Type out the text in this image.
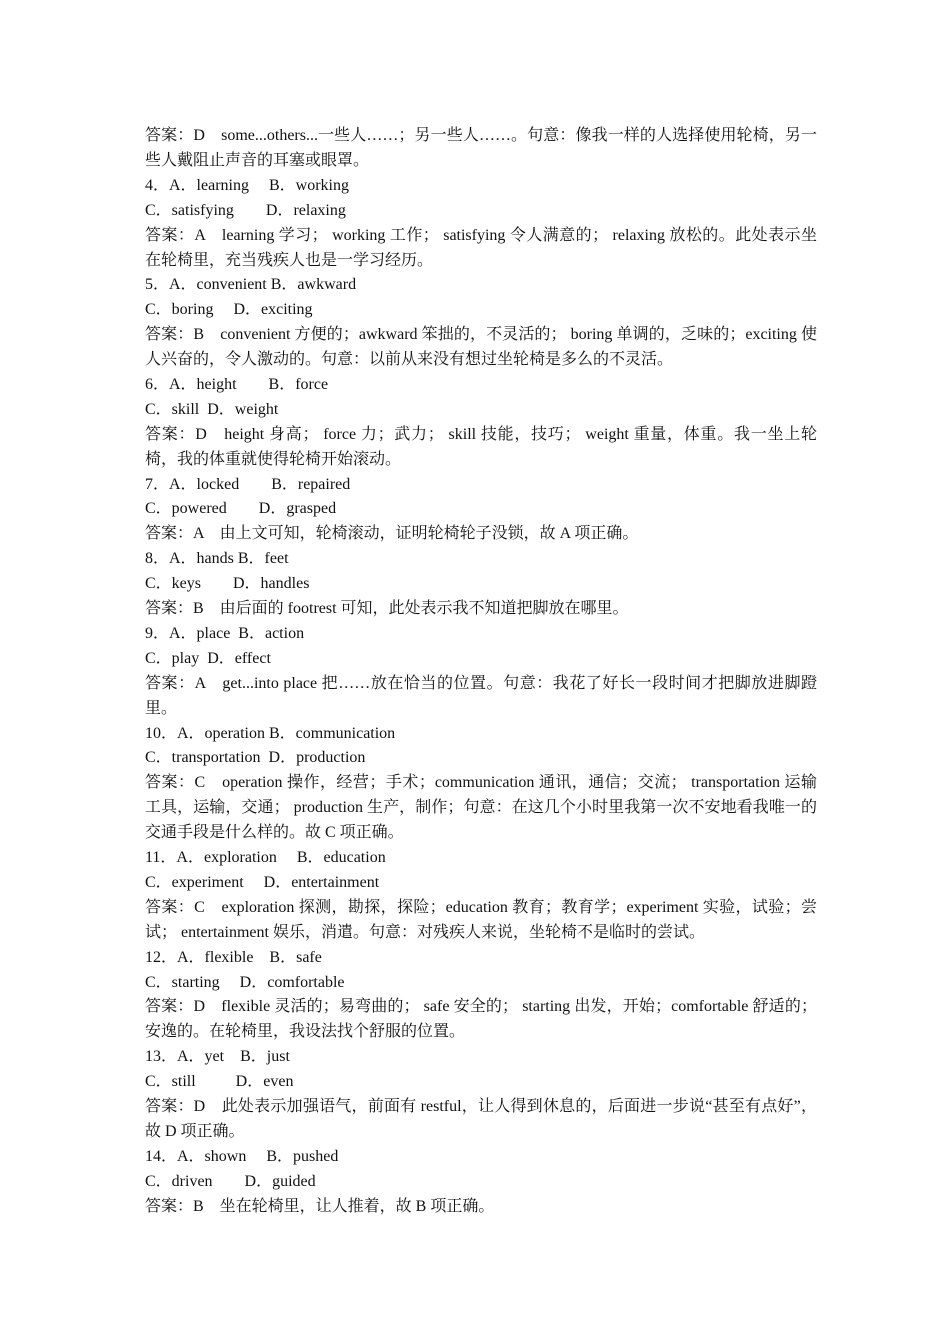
答案：D　some...others...一些人……；另一些人……。句意：像我一样的人选择使用轮椅，另一些人戴阻止声音的耳塞或眼罩。
4．A．learning　 B．working
C．satisfying　　D．relaxing
答案：A　learning 学习； working 工作； satisfying 令人满意的； relaxing 放松的。此处表示坐在轮椅里，充当残疾人也是一学习经历。
5．A．convenient B．awkward
C．boring　 D．exciting
答案：B　convenient 方便的；awkward 笨拙的，不灵活的； boring 单调的，乏味的；exciting 使人兴奋的，令人激动的。句意：以前从来没有想过坐轮椅是多么的不灵活。
6．A．height　　B．force
C．skill  D．weight
答案：D　height 身高； force 力；武力； skill 技能，技巧； weight 重量，体重。我一坐上轮椅，我的体重就使得轮椅开始滚动。
7．A．locked　　B．repaired
C．powered　　D．grasped
答案：A　由上文可知，轮椅滚动，证明轮椅轮子没锁，故 A 项正确。
8．A．hands B．feet
C．keys　　D．handles
答案：B　由后面的 footrest 可知，此处表示我不知道把脚放在哪里。
9．A．place  B．action
C．play  D．effect
答案：A　get...into place 把……放在恰当的位置。句意：我花了好长一段时间才把脚放进脚蹬里。
10．A．operation B．communication
C．transportation  D．production
答案：C　operation 操作，经营；手术；communication 通讯，通信；交流； transportation 运输工具，运输，交通； production 生产，制作；句意：在这几个小时里我第一次不安地看我唯一的交通手段是什么样的。故 C 项正确。
11．A．exploration　 B．education
C．experiment　 D．entertainment
答案：C　exploration 探测，勘探，探险；education 教育；教育学；experiment 实验，试验；尝试； entertainment 娱乐，消遣。句意：对残疾人来说，坐轮椅不是临时的尝试。
12．A．flexible　B．safe
C．starting　 D．comfortable
答案：D　flexible 灵活的；易弯曲的； safe 安全的； starting 出发，开始；comfortable 舒适的；安逸的。在轮椅里，我设法找个舒服的位置。
13．A．yet　B．just
C．still　　  D．even
答案：D　此处表示加强语气，前面有 restful，让人得到休息的，后面进一步说“甚至有点好”，故 D 项正确。
14．A．shown　 B．pushed
C．driven　　D．guided
答案：B　坐在轮椅里，让人推着，故 B 项正确。
